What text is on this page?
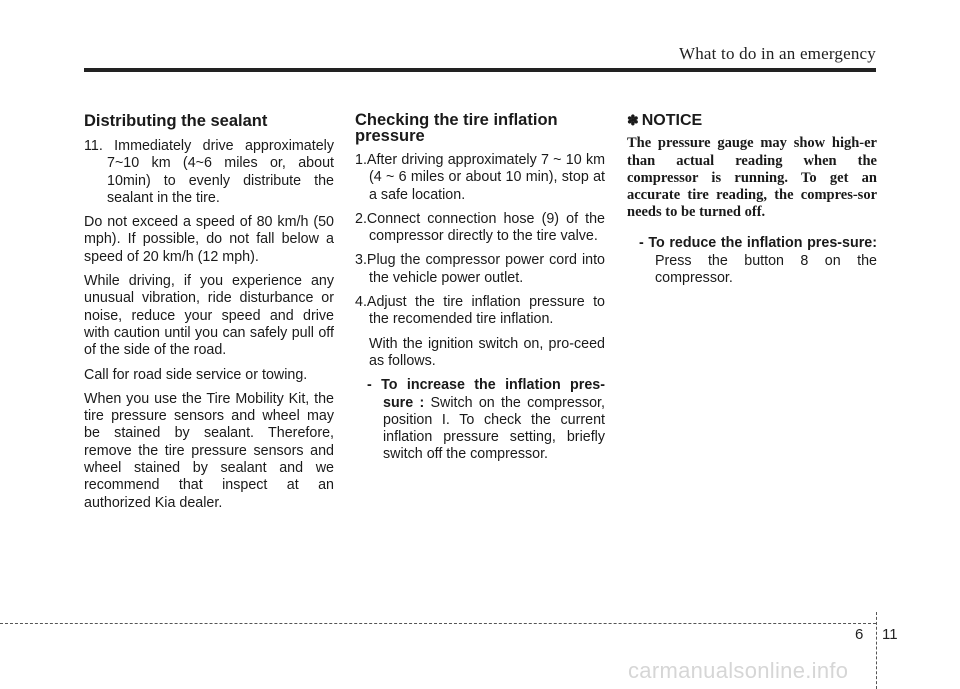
What to do in an emergency
Distributing the sealant

11. Immediately drive approximately 7~10 km (4~6 miles or, about 10min) to evenly distribute the sealant in the tire.

Do not exceed a speed of 80 km/h (50 mph). If possible, do not fall below a speed of 20 km/h (12 mph).

While driving, if you experience any unusual vibration, ride disturbance or noise, reduce your speed and drive with caution until you can safely pull off of the side of the road.

Call for road side service or towing.

When you use the Tire Mobility Kit, the tire pressure sensors and wheel may be stained by sealant. Therefore, remove the tire pressure sensors and wheel stained by sealant and we recommend that inspect at an authorized Kia dealer.

Checking the tire inflation pressure

1.After driving approximately 7 ~ 10 km (4 ~ 6 miles or about 10 min), stop at a safe location.

2.Connect connection hose (9) of the compressor directly to the tire valve.

3.Plug the compressor power cord into the vehicle power outlet.

4.Adjust the tire inflation pressure to the recomended tire inflation.

With the ignition switch on, pro-ceed as follows.

- To increase the inflation pres-sure : Switch on the compressor, position I. To check the current inflation pressure setting, briefly switch off the compressor.

✽ NOTICE

The pressure gauge may show high-er than actual reading when the compressor is running. To get an accurate tire reading, the compres-sor needs to be turned off.

- To reduce the inflation pres-sure: Press the button 8 on the compressor.

6 11
carmanualsonline.info
